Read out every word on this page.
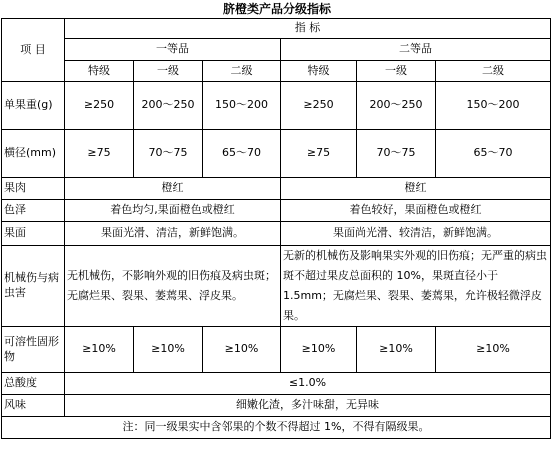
脐橙类产品分级指标
项 目	指 标					
	一等品			二等品		
	特级	一级	二级	特级	一级	二级
单果重(g)	≥250	200～250	150～200	≥250	200～250	150～200
横径(mm)	≥75	70～75	65～70	≥75	70～75	65～70
果肉	橙红			橙红		
色泽	着色均匀,果面橙色或橙红			着色较好，果面橙色或橙红		
果面	果面光滑、清洁，新鲜饱满。			果面尚光滑、较清洁，新鲜饱满。		
机械伤与病虫害	无机械伤，不影响外观的旧伤痕及病虫斑；无腐烂果、裂果、萎蔫果、浮皮果。			无新的机械伤及影响果实外观的旧伤痕；无严重的病虫斑不超过果皮总面积的 10%，果斑直径小于 1.5mm；无腐烂果、裂果、萎蔫果，允许极轻微浮皮果。		
可溶性固形物	≥10%	≥10%	≥10%	≥10%	≥10%	≥10%
总酸度	≤1.0%					
风味	细嫩化渣，多汁味甜，无异味					
注：同一级果实中含邻果的个数不得超过 1%，不得有隔级果。						
